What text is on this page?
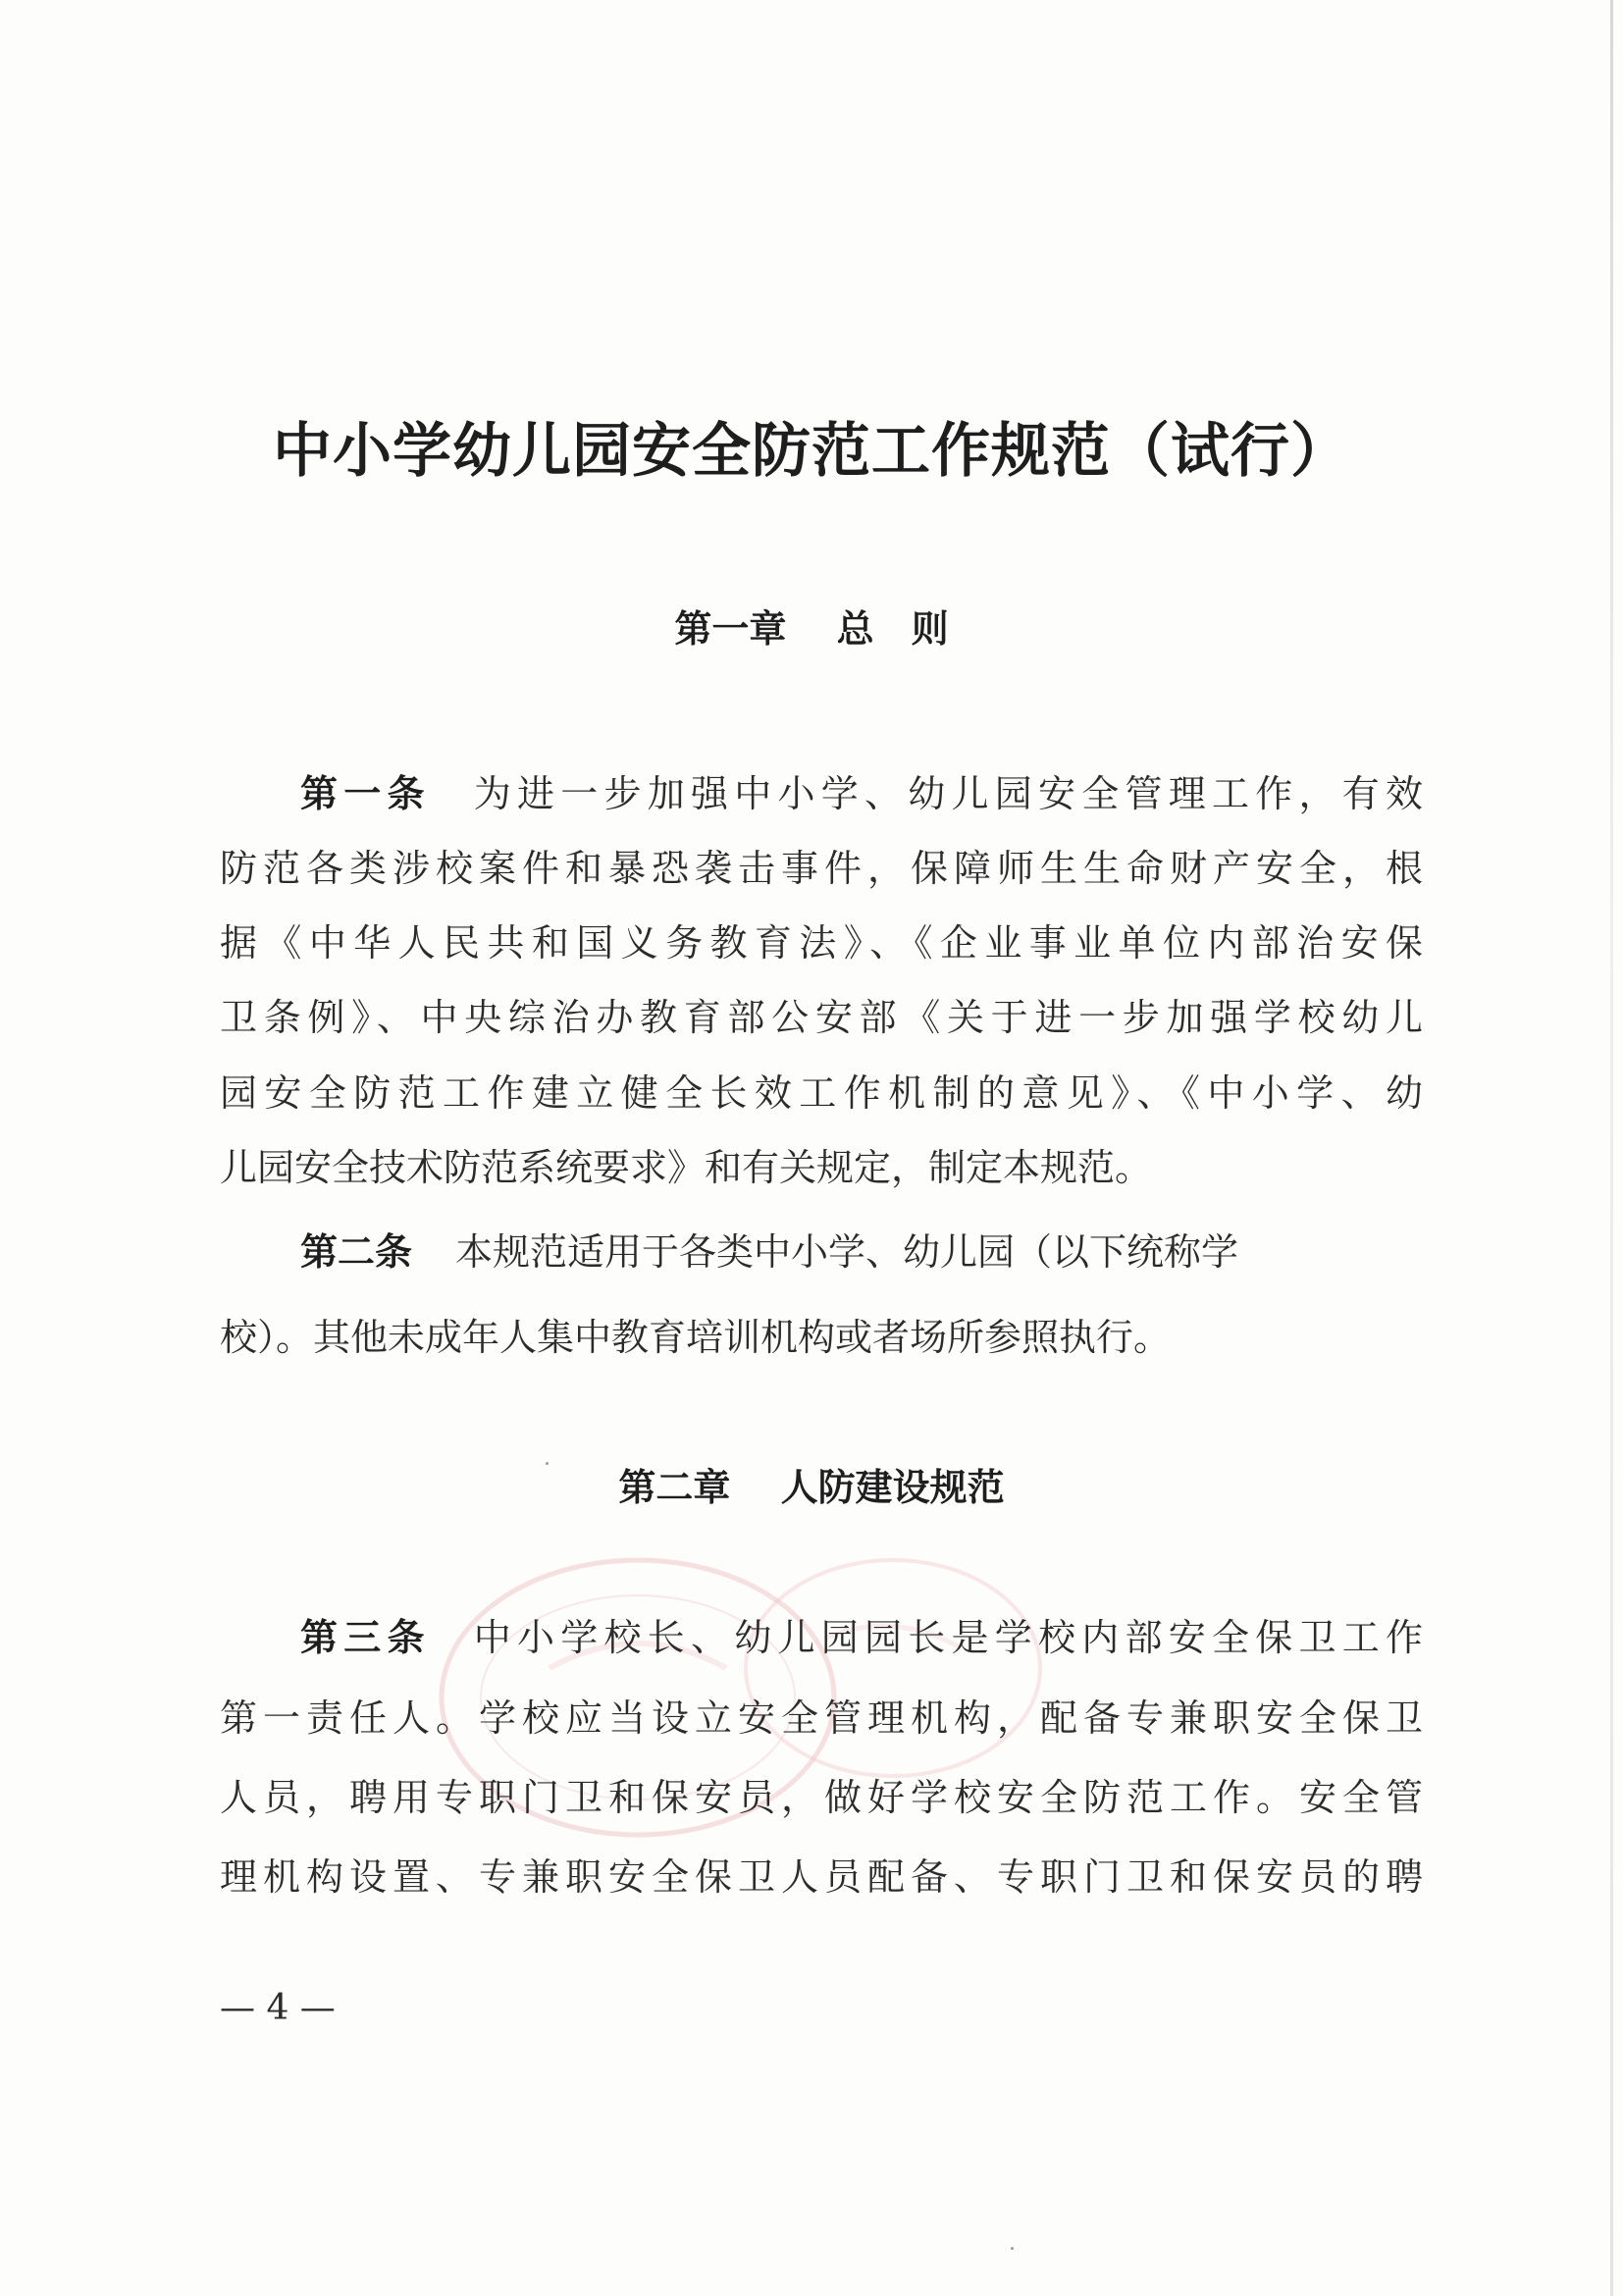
中小学幼儿园安全防范工作规范（试行）
第一章　 总　则
第一条 为进一步加强中小学、幼儿园安全管理工作，有效
防范各类涉校案件和暴恐袭击事件，保障师生生命财产安全，根
据《中华人民共和国义务教育法》、《企业事业单位内部治安保
卫条例》、中央综治办教育部公安部《关于进一步加强学校幼儿
园安全防范工作建立健全长效工作机制的意见》、《中小学、幼
儿园安全技术防范系统要求》和有关规定，制定本规范。
第二条 本规范适用于各类中小学、幼儿园（以下统称学
校）。其他未成年人集中教育培训机构或者场所参照执行。
第二章　 人防建设规范
第三条 中小学校长、幼儿园园长是学校内部安全保卫工作
第一责任人。学校应当设立安全管理机构，配备专兼职安全保卫
人员，聘用专职门卫和保安员，做好学校安全防范工作。安全管
理机构设置、专兼职安全保卫人员配备、专职门卫和保安员的聘
— 4 —
